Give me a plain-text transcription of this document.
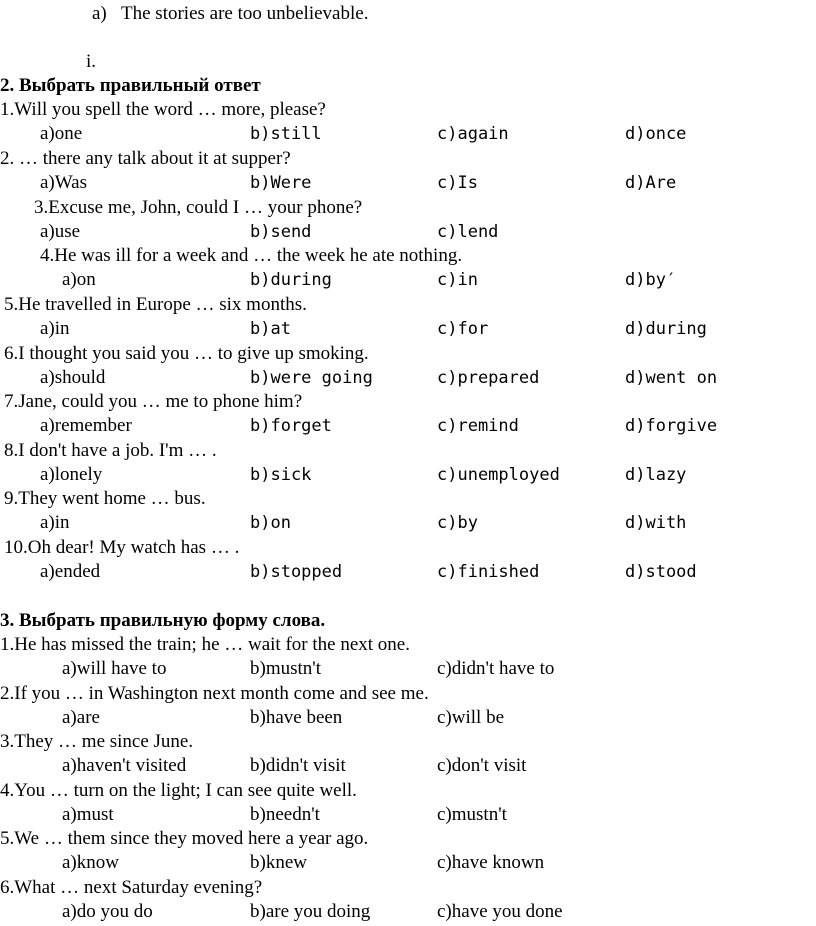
a)   The stories are too unbelievable.
i.
2. Выбрать правильный ответ
1.Will you spell the word … more, please?
a)one	b)still	c)again	d)once
2. … there any talk about it at supper?
a)Was	b)Were	c)Is	d)Are
3.Excuse me, John, could I … your phone?
a)use	b)send	c)lend
4.He was ill for a week and … the week he ate nothing.
a)on	b)during	c)in	d)by′
5.He travelled in Europe … six months.
a)in	b)at	c)for	d)during
6.I thought you said you … to give up smoking.
a)should	b)were going	c)prepared	d)went on
7.Jane, could you … me to phone him?
a)remember	b)forget	c)remind	d)forgive
8.I don't have a job. I'm … .
a)lonely	b)sick	c)unemployed	d)lazy
9.They went home … bus.
a)in	b)on	c)by	d)with
10.Oh dear! My watch has … .
a)ended	b)stopped	c)finished	d)stood
3. Выбрать правильную форму слова.
1.He has missed the train; he … wait for the next one.
a)will have to	b)mustn't	c)didn't have to
2.If you … in Washington next month come and see me.
a)are	b)have been	c)will be
3.They … me since June.
a)haven't visited	b)didn't visit	c)don't visit
4.You … turn on the light; I can see quite well.
a)must	b)needn't	c)mustn't
5.We … them since they moved here a year ago.
a)know	b)knew	c)have known
6.What … next Saturday evening?
a)do you do	b)are you doing	c)have you done
